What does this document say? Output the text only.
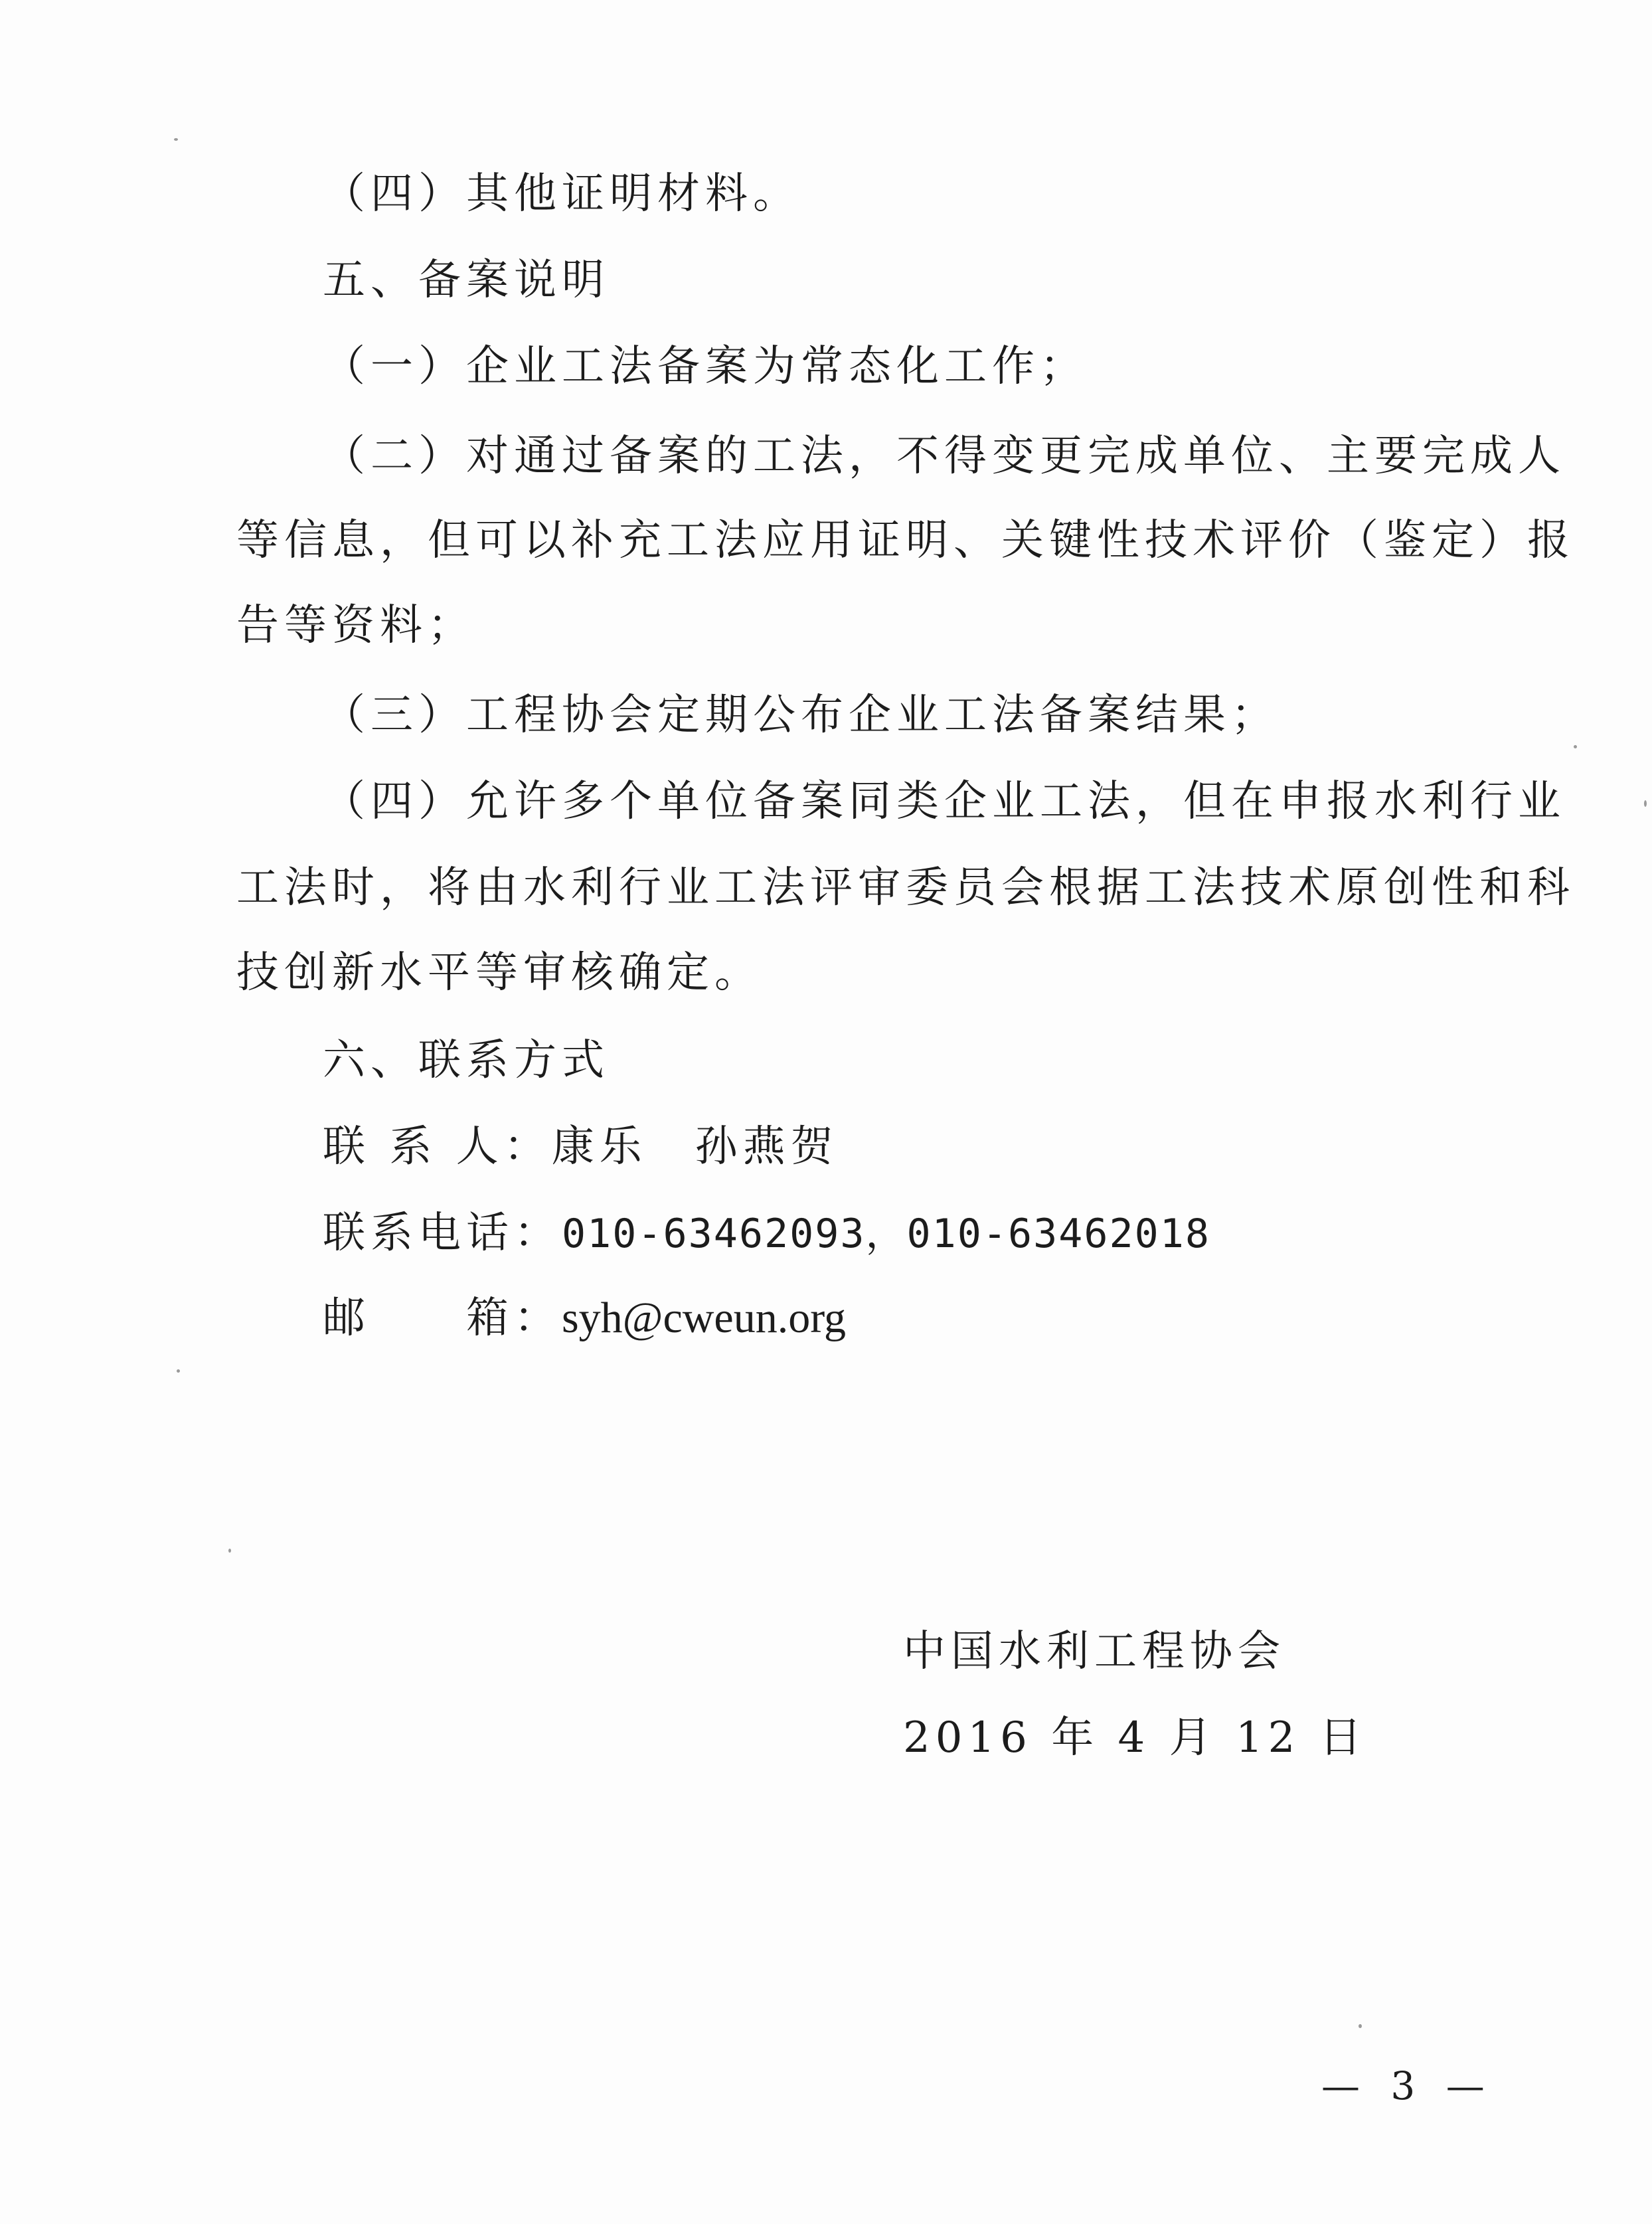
（四）其他证明材料。
五、备案说明
（一）企业工法备案为常态化工作；
（二）对通过备案的工法，不得变更完成单位、主要完成人
等信息，但可以补充工法应用证明、关键性技术评价（鉴定）报
告等资料；
（三）工程协会定期公布企业工法备案结果；
（四）允许多个单位备案同类企业工法，但在申报水利行业
工法时，将由水利行业工法评审委员会根据工法技术原创性和科
技创新水平等审核确定。
六、联系方式
联 系 人：康乐　孙燕贺
联系电话：010-63462093，010-63462018
邮　　箱：syh@cweun.org
中国水利工程协会
2016 年 4 月 12 日
— 3 —
